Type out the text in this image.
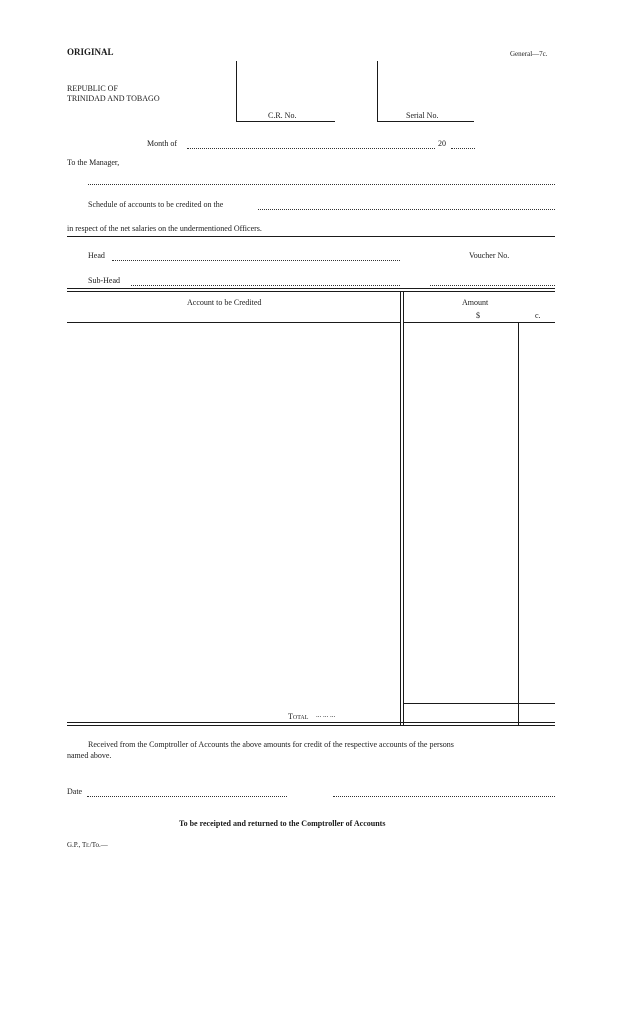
ORIGINAL	General—7c.
REPUBLIC OF
TRINIDAD AND TOBAGO
C.R. No.	Serial No.
Month of	20
To the Manager,
Schedule of accounts to be credited on the
in respect of the net salaries on the undermentioned Officers.
Head	Voucher No.
Sub-Head
Account to be Credited	Amount
$	c.
Total ... ... ...
Received from the Comptroller of Accounts the above amounts for credit of the respective accounts of the persons
named above.
Date
To be receipted and returned to the Comptroller of Accounts
G.P., Tr./To.—
